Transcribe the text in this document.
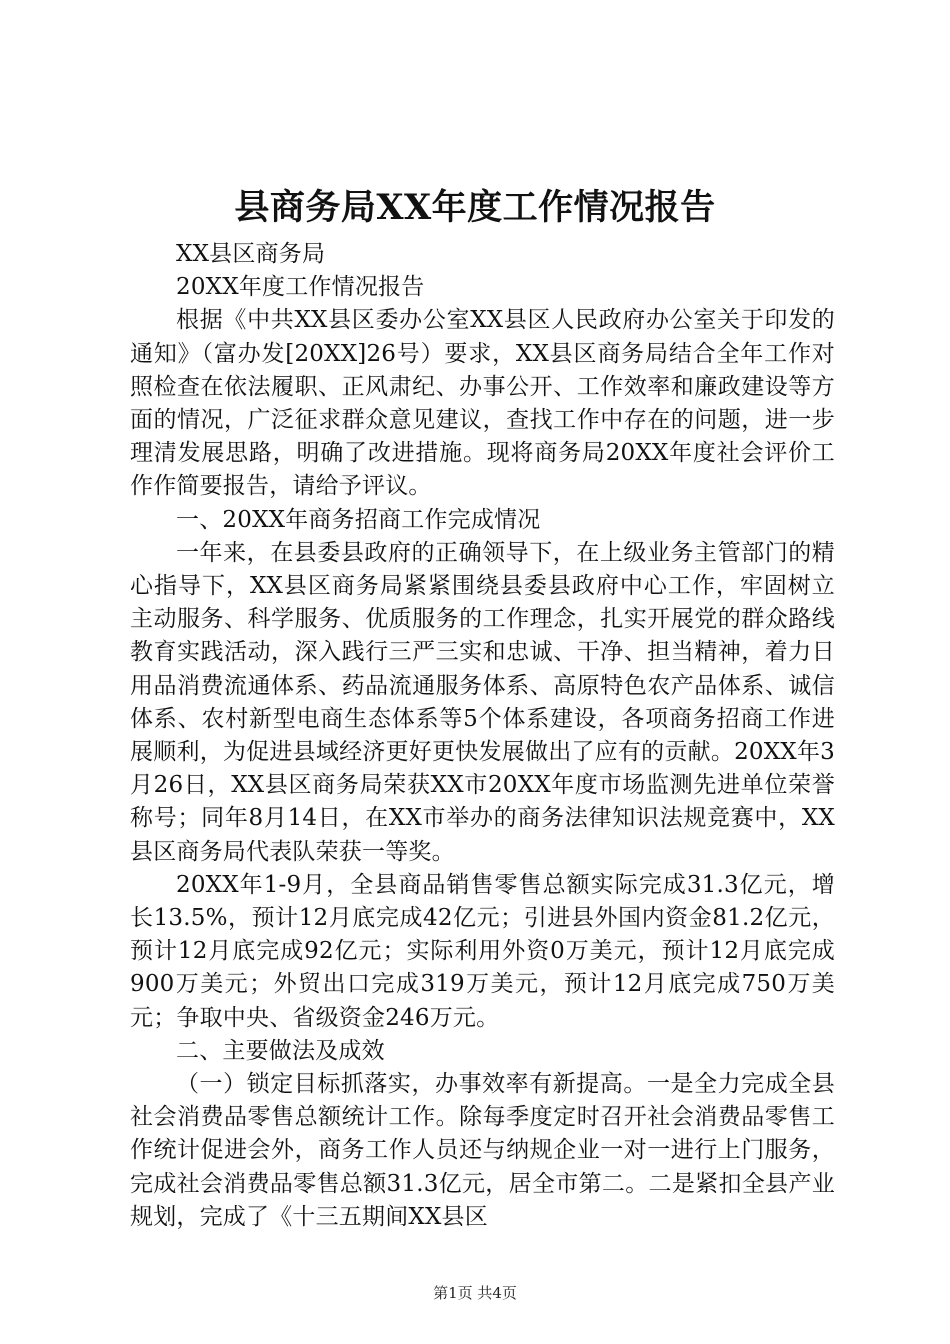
县商务局XX年度工作情况报告

XX县区商务局

20XX年度工作情况报告

根据《中共XX县区委办公室XX县区人民政府办公室关于印发的通知》（富办发[20XX]26号）要求，XX县区商务局结合全年工作对照检查在依法履职、正风肃纪、办事公开、工作效率和廉政建设等方面的情况，广泛征求群众意见建议，查找工作中存在的问题，进一步理清发展思路，明确了改进措施。现将商务局20XX年度社会评价工作作简要报告，请给予评议。

一、20XX年商务招商工作完成情况

一年来，在县委县政府的正确领导下，在上级业务主管部门的精心指导下，XX县区商务局紧紧围绕县委县政府中心工作，牢固树立主动服务、科学服务、优质服务的工作理念，扎实开展党的群众路线教育实践活动，深入践行三严三实和忠诚、干净、担当精神，着力日用品消费流通体系、药品流通服务体系、高原特色农产品体系、诚信体系、农村新型电商生态体系等5个体系建设，各项商务招商工作进展顺利，为促进县域经济更好更快发展做出了应有的贡献。20XX年3月26日，XX县区商务局荣获XX市20XX年度市场监测先进单位荣誉称号；同年8月14日，在XX市举办的商务法律知识法规竞赛中，XX县区商务局代表队荣获一等奖。

20XX年1-9月，全县商品销售零售总额实际完成31.3亿元，增长13.5%，预计12月底完成42亿元；引进县外国内资金81.2亿元，预计12月底完成92亿元；实际利用外资0万美元，预计12月底完成900万美元；外贸出口完成319万美元，预计12月底完成750万美元；争取中央、省级资金246万元。

二、主要做法及成效

（一）锁定目标抓落实，办事效率有新提高。一是全力完成全县社会消费品零售总额统计工作。除每季度定时召开社会消费品零售工作统计促进会外，商务工作人员还与纳规企业一对一进行上门服务，完成社会消费品零售总额31.3亿元，居全市第二。二是紧扣全县产业规划，完成了《十三五期间XX县区

第1页 共4页
